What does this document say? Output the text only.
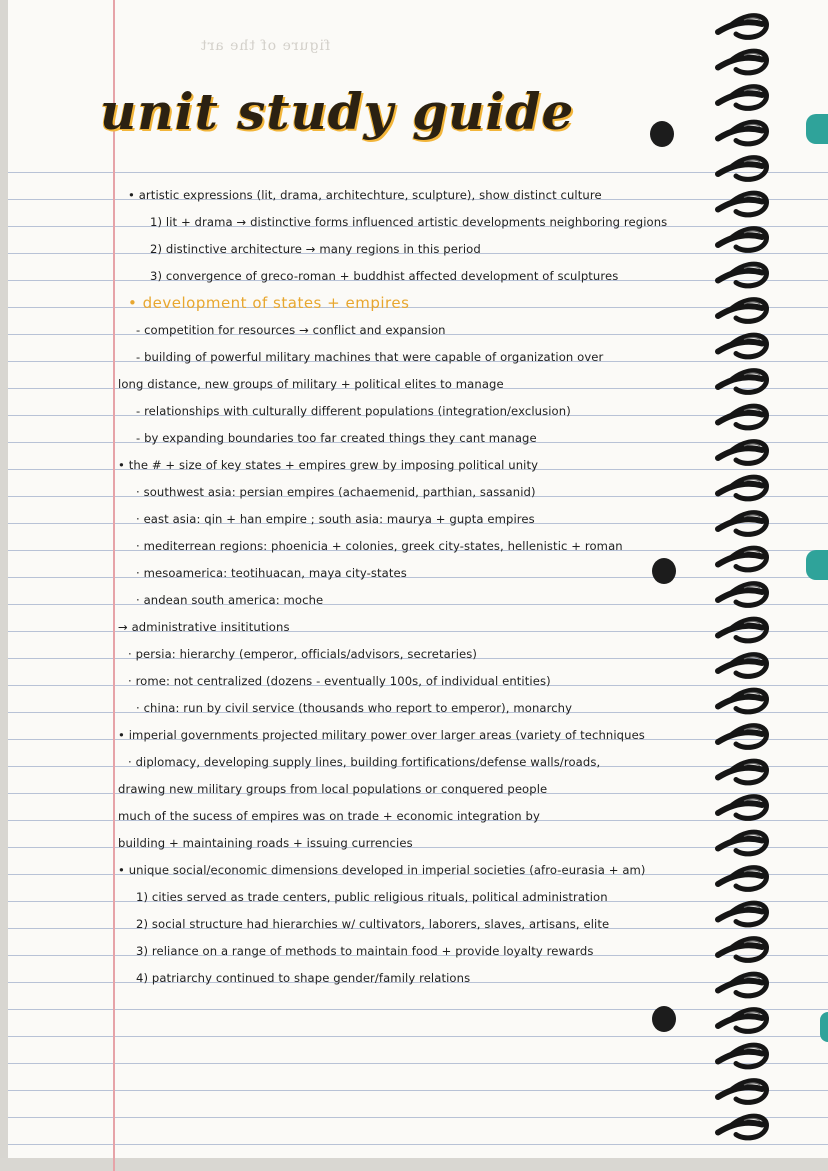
figure of the art
unit study guide
• artistic expressions (lit, drama, architechture, sculpture), show distinct culture
1) lit + drama → distinctive forms influenced artistic developments neighboring regions
2) distinctive architecture → many regions in this period
3) convergence of greco-roman + buddhist affected development of sculptures
• development of states + empires
- competition for resources → conflict and expansion
- building of powerful military machines that were capable of organization over
long distance, new groups of military + political elites to manage
- relationships with culturally different populations (integration/exclusion)
- by expanding boundaries too far created things they cant manage
• the # + size of key states + empires grew by imposing political unity
· southwest asia: persian empires (achaemenid, parthian, sassanid)
· east asia: qin + han empire ; south asia: maurya + gupta empires
· mediterrean regions: phoenicia + colonies, greek city-states, hellenistic + roman
· mesoamerica: teotihuacan, maya city-states
· andean south america: moche
→ administrative insititutions
· persia: hierarchy (emperor, officials/advisors, secretaries)
· rome: not centralized (dozens - eventually 100s, of individual entities)
· china: run by civil service (thousands who report to emperor), monarchy
• imperial governments projected military power over larger areas (variety of techniques
· diplomacy, developing supply lines, building fortifications/defense walls/roads,
drawing new military groups from local populations or conquered people
much of the sucess of empires was on trade + economic integration by
building + maintaining roads + issuing currencies
• unique social/economic dimensions developed in imperial societies (afro-eurasia + am)
1) cities served as trade centers, public religious rituals, political administration
2) social structure had hierarchies w/ cultivators, laborers, slaves, artisans, elite
3) reliance on a range of methods to maintain food + provide loyalty rewards
4) patriarchy continued to shape gender/family relations
